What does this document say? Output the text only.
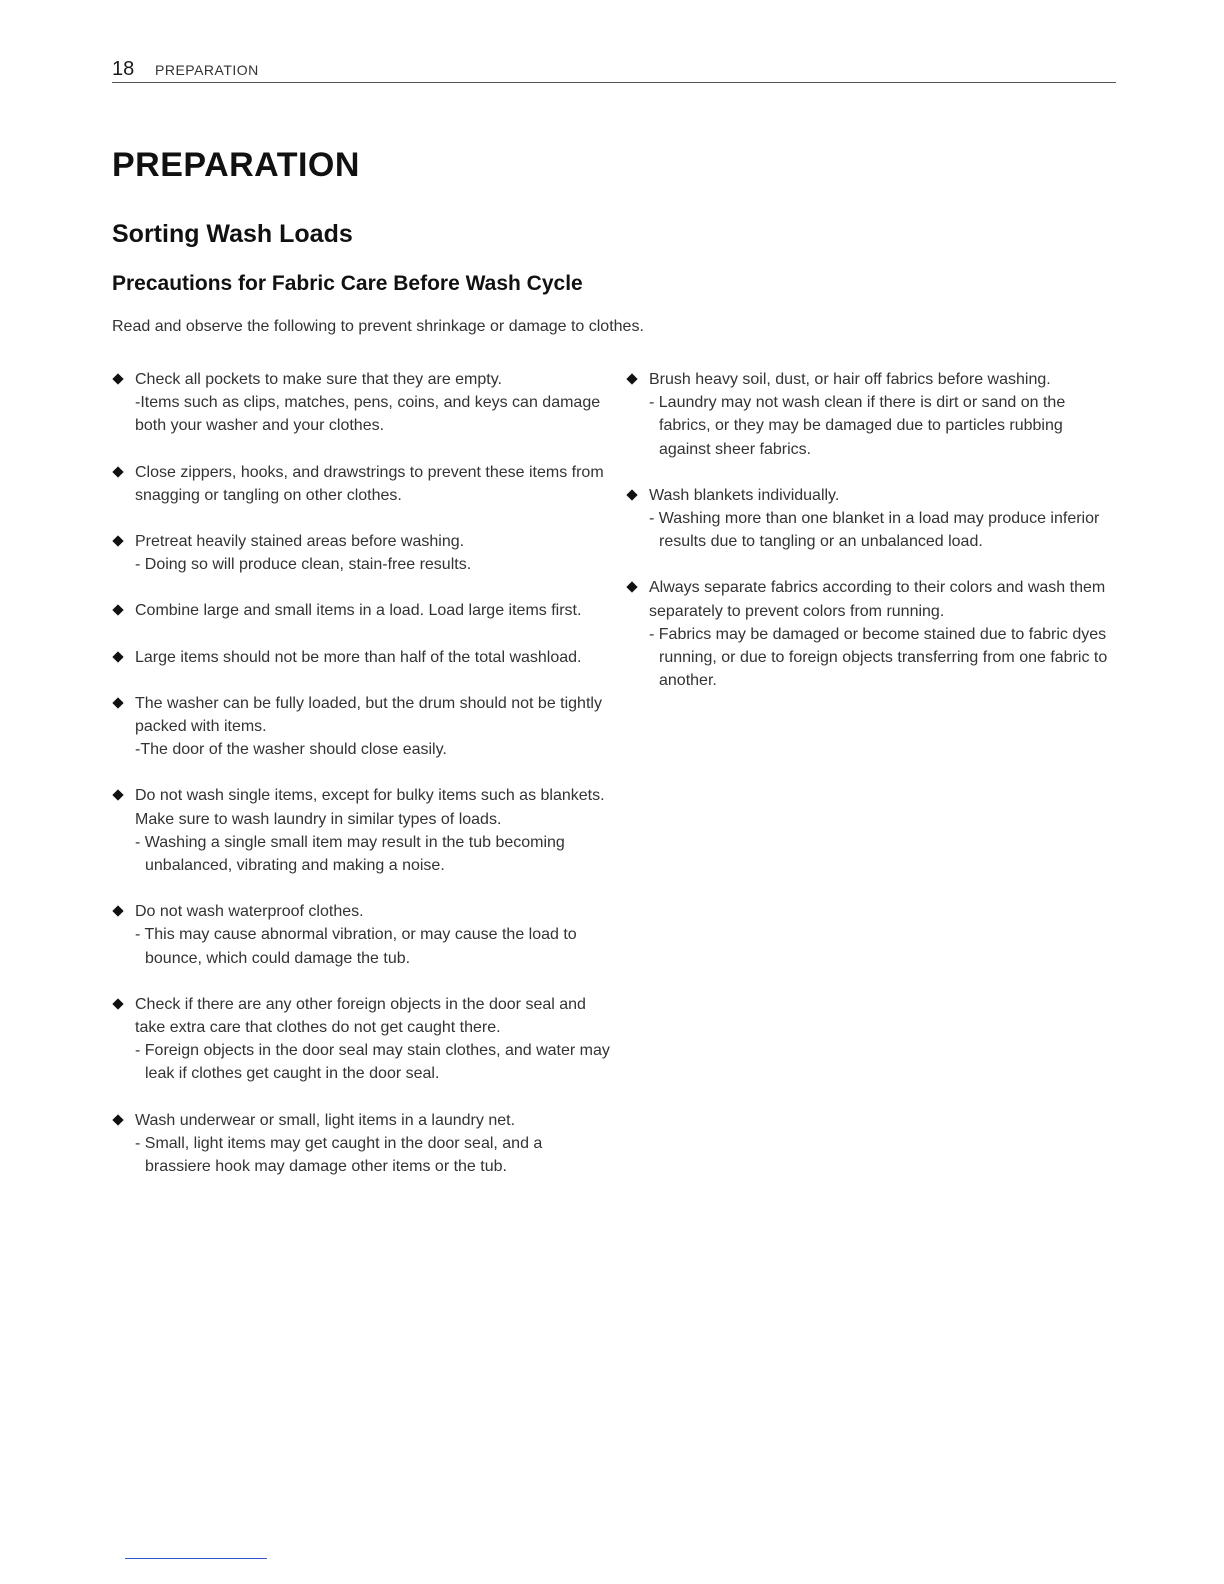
18 PREPARATION
PREPARATION
Sorting Wash Loads
Precautions for Fabric Care Before Wash Cycle

Read and observe the following to prevent shrinkage or damage to clothes.

Check all pockets to make sure that they are empty.
-Items such as clips, matches, pens, coins, and keys can damage both your washer and your clothes.
Close zippers, hooks, and drawstrings to prevent these items from snagging or tangling on other clothes.
Pretreat heavily stained areas before washing.
- Doing so will produce clean, stain-free results.
Combine large and small items in a load. Load large items first.
Large items should not be more than half of the total washload.
The washer can be fully loaded, but the drum should not be tightly packed with items.
-The door of the washer should close easily.
Do not wash single items, except for bulky items such as blankets. Make sure to wash laundry in similar types of loads.
- Washing a single small item may result in the tub becoming unbalanced, vibrating and making a noise.
Do not wash waterproof clothes.
- This may cause abnormal vibration, or may cause the load to bounce, which could damage the tub.
Check if there are any other foreign objects in the door seal and take extra care that clothes do not get caught there.
- Foreign objects in the door seal may stain clothes, and water may leak if clothes get caught in the door seal.
Wash underwear or small, light items in a laundry net.
- Small, light items may get caught in the door seal, and a brassiere hook may damage other items or the tub.
Brush heavy soil, dust, or hair off fabrics before washing.
- Laundry may not wash clean if there is dirt or sand on the fabrics, or they may be damaged due to particles rubbing against sheer fabrics.
Wash blankets individually.
- Washing more than one blanket in a load may produce inferior results due to tangling or an unbalanced load.
Always separate fabrics according to their colors and wash them separately to prevent colors from running.
- Fabrics may be damaged or become stained due to fabric dyes running, or due to foreign objects transferring from one fabric to another.
